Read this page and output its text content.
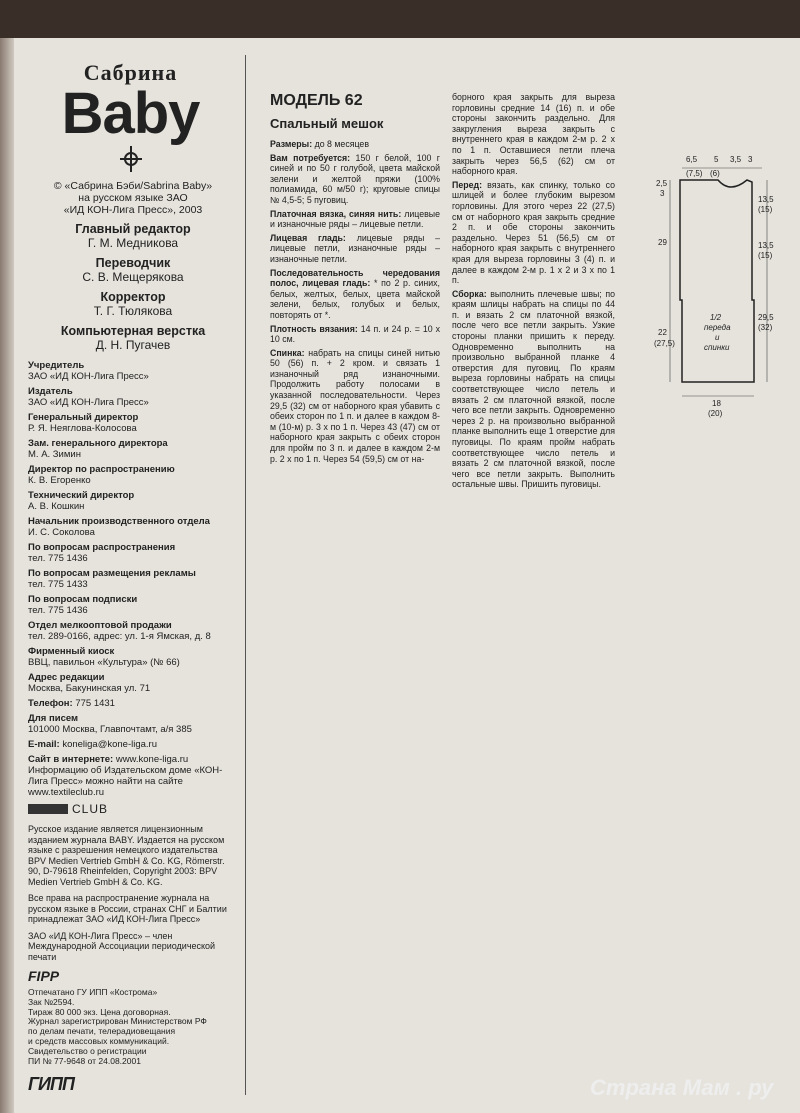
Сабрина
Baby
© «Сабрина Бэби/Sabrina Baby»
на русском языке ЗАО
«ИД КОН-Лига Пресс», 2003
Главный редактор
Г. М. Медникова
Переводчик
С. В. Мещерякова
Корректор
Т. Г. Тюлякова
Компьютерная верстка
Д. Н. Пугачев
Учредитель
ЗАО «ИД КОН-Лига Пресс»
Издатель
ЗАО «ИД КОН-Лига Пресс»
Генеральный директор
Р. Я. Неяглова-Колосова
Зам. генерального директора
М. А. Зимин
Директор по распространению
К. В. Егоренко
Технический директор
А. В. Кошкин
Начальник производственного отдела
И. С. Соколова
По вопросам распространения
тел. 775 1436
По вопросам размещения рекламы
тел. 775 1433
По вопросам подписки
тел. 775 1436
Отдел мелкооптовой продажи
тел. 289-0166, адрес: ул. 1-я Ямская, д. 8
Фирменный киоск
ВВЦ, павильон «Культура» (№ 66)
Адрес редакции
Москва, Бакунинская ул. 71
Телефон: 775 1431
Для писем
101000 Москва, Главпочтамт, а/я 385
E-mail: koneliga@kone-liga.ru
Сайт в интернете: www.kone-liga.ru Информацию об Издательском доме «КОН-Лига Пресс» можно найти на сайте www.textileclub.ru
CLUB
Русское издание является лицензионным изданием журнала BABY. Издается на русском языке с разрешения немецкого издательства BPV Medien Vertrieb GmbH & Co. KG, Römerstr. 90, D-79618 Rheinfelden, Copyright 2003: BPV Medien Vertrieb GmbH & Co. KG.
Все права на распространение журнала на русском языке в России, странах СНГ и Балтии принадлежат ЗАО «ИД КОН-Лига Пресс»
ЗАО «ИД КОН-Лига Пресс» – член Международной Ассоциации периодической печати
FIPP
Отпечатано ГУ ИПП «Кострома»
Зак №2594.
Тираж 80 000 экз. Цена договорная.
Журнал зарегистрирован Министерством РФ
по делам печати, телерадиовещания
и средств массовых коммуникаций.
Свидетельство о регистрации
ПИ № 77-9648 от 24.08.2001
ГИПП
МОДЕЛЬ 62
Спальный мешок
Размеры: до 8 месяцев
Вам потребуется: 150 г белой, 100 г синей и по 50 г голубой, цвета майской зелени и желтой пряжи (100% полиамида, 60 м/50 г); круговые спицы № 4,5-5; 5 пуговиц.
Платочная вязка, синяя нить: лицевые и изнаночные ряды – лицевые петли.
Лицевая гладь: лицевые ряды – лицевые петли, изнаночные ряды – изнаночные петли.
Последовательность чередования полос, лицевая гладь: * по 2 р. синих, белых, желтых, белых, цвета майской зелени, белых, голубых и белых, повторять от *.
Плотность вязания: 14 п. и 24 р. = 10 x 10 см.
Спинка: набрать на спицы синей нитью 50 (56) п. + 2 кром. и связать 1 изнаночный ряд изнаночными. Продолжить работу полосами в указанной последовательности. Через 29,5 (32) см от наборного края убавить с обеих сторон по 1 п. и далее в каждом 8-м (10-м) р. 3 х по 1 п. Через 43 (47) см от наборного края закрыть с обеих сторон для пройм по 3 п. и далее в каждом 2-м р. 2 х по 1 п. Через 54 (59,5) см от на-
борного края закрыть для выреза горловины средние 14 (16) п. и обе стороны закончить раздельно. Для закругления выреза закрыть с внутреннего края в каждом 2-м р. 2 х по 1 п. Оставшиеся петли плеча закрыть через 56,5 (62) см от наборного края.
Перед: вязать, как спинку, только со шлицей и более глубоким вырезом горловины. Для этого через 22 (27,5) см от наборного края закрыть средние 2 п. и обе стороны закончить раздельно. Через 51 (56,5) см от наборного края закрыть с внутреннего края для выреза горловины 3 (4) п. и далее в каждом 2-м р. 1 х 2 и 3 х по 1 п.
Сборка: выполнить плечевые швы; по краям шлицы набрать на спицы по 44 п. и вязать 2 см платочной вязкой, после чего все петли закрыть. Узкие стороны планки пришить к переду. Одновременно выполнить на произвольно выбранной планке 4 отверстия для пуговиц. По краям выреза горловины набрать на спицы соответствующее число петель и вязать 2 см платочной вязкой, после чего все петли закрыть. Одновременно через 2 р. на произвольно выбранной планке выполнить еще 1 отверстие для пуговицы. По краям пройм набрать соответствующее число петель и вязать 2 см платочной вязкой, после чего все петли закрыть. Выполнить остальные швы. Пришить пуговицы.
6,5 5 3,5 3
(7,5) (6)
2,5
3
29
22
(27,5)
13,5
(15)
13,5
(15)
29,5
(32)
18
(20)
1/2
переда
и
спинки
Страна Мам . ру
